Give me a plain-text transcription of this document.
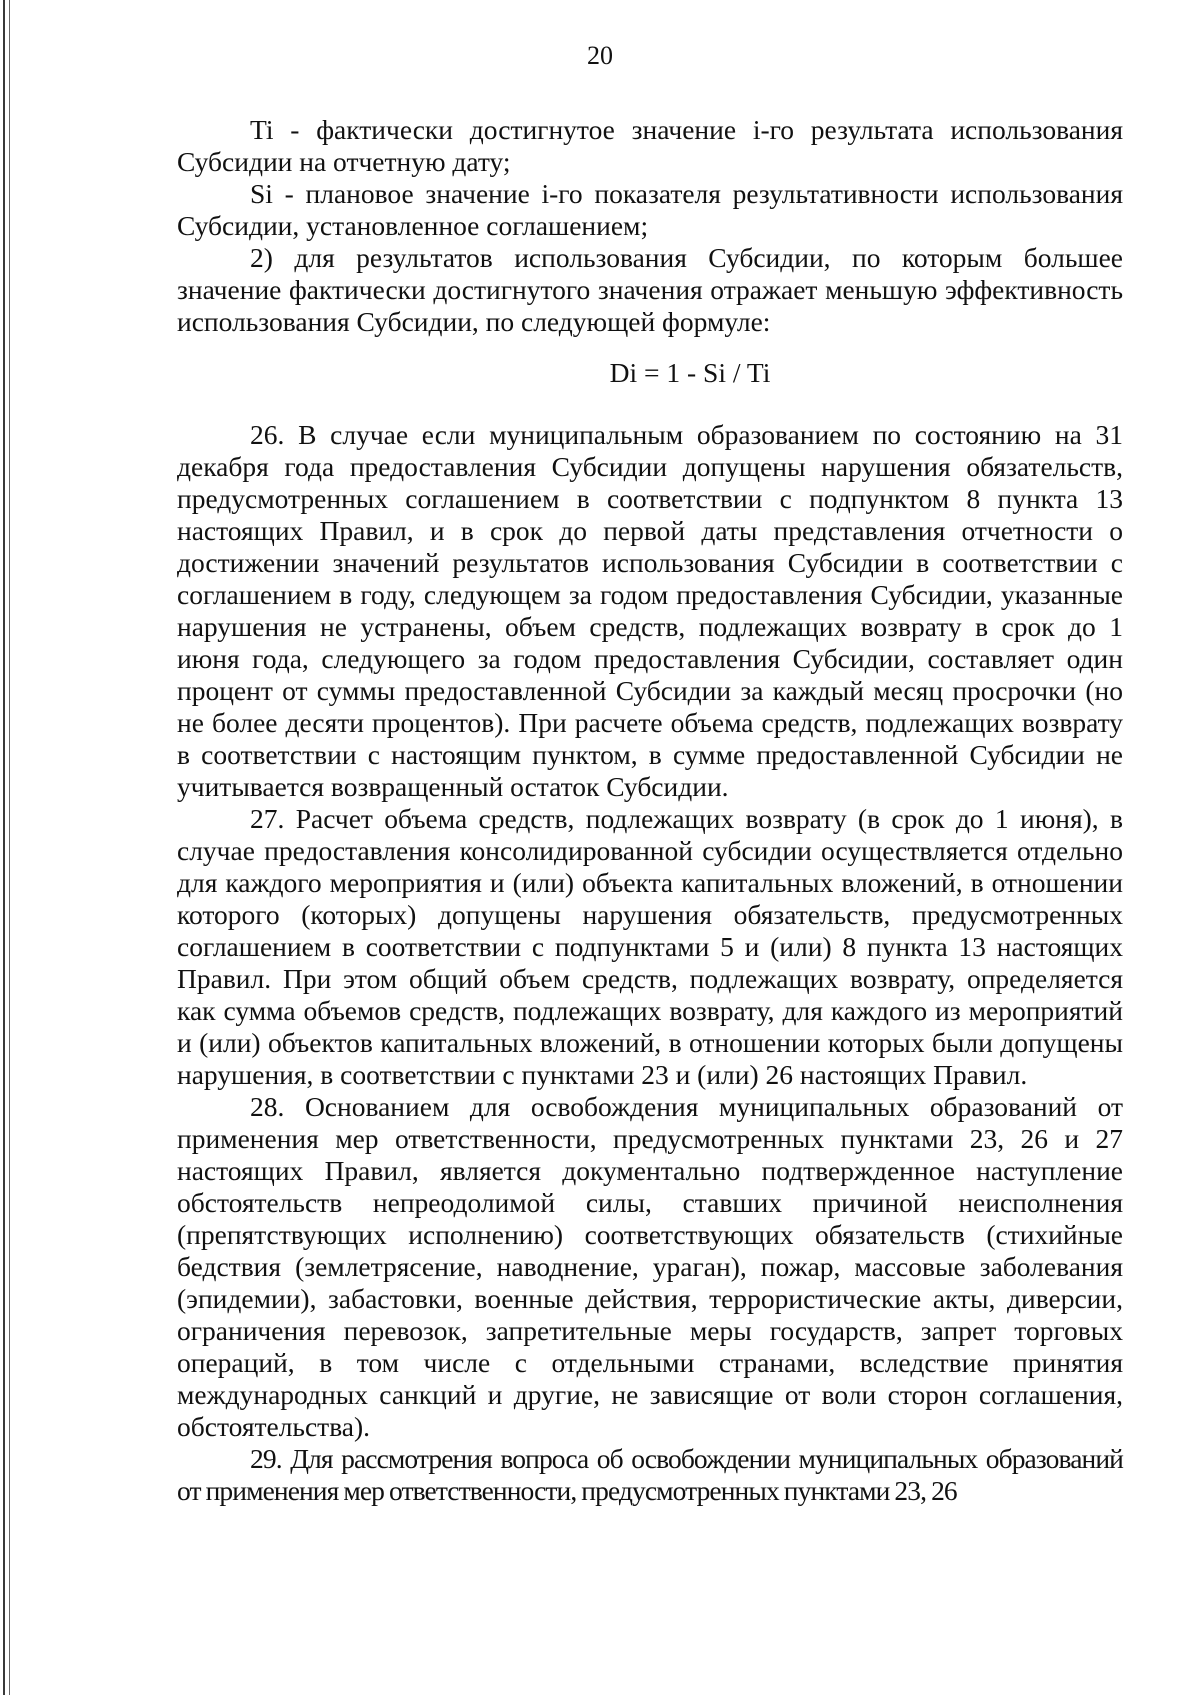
20

Ti - фактически достигнутое значение i-го результата использования Субсидии на отчетную дату;

Si - плановое значение i-го показателя результативности использования Субсидии, установленное соглашением;

2) для результатов использования Субсидии, по которым большее значение фактически достигнутого значения отражает меньшую эффективность использования Субсидии, по следующей формуле:

Di = 1 - Si / Ti

26. В случае если муниципальным образованием по состоянию на 31 декабря года предоставления Субсидии допущены нарушения обязательств, предусмотренных соглашением в соответствии с подпунктом 8 пункта 13 настоящих Правил, и в срок до первой даты представления отчетности о достижении значений результатов использования Субсидии в соответствии с соглашением в году, следующем за годом предоставления Субсидии, указанные нарушения не устранены, объем средств, подлежащих возврату в срок до 1 июня года, следующего за годом предоставления Субсидии, составляет один процент от суммы предоставленной Субсидии за каждый месяц просрочки (но не более десяти процентов). При расчете объема средств, подлежащих возврату в соответствии с настоящим пунктом, в сумме предоставленной Субсидии не учитывается возвращенный остаток Субсидии.

27. Расчет объема средств, подлежащих возврату (в срок до 1 июня), в случае предоставления консолидированной субсидии осуществляется отдельно для каждого мероприятия и (или) объекта капитальных вложений, в отношении которого (которых) допущены нарушения обязательств, предусмотренных соглашением в соответствии с подпунктами 5 и (или) 8 пункта 13 настоящих Правил. При этом общий объем средств, подлежащих возврату, определяется как сумма объемов средств, подлежащих возврату, для каждого из мероприятий и (или) объектов капитальных вложений, в отношении которых были допущены нарушения, в соответствии с пунктами 23 и (или) 26 настоящих Правил.

28. Основанием для освобождения муниципальных образований от применения мер ответственности, предусмотренных пунктами 23, 26 и 27 настоящих Правил, является документально подтвержденное наступление обстоятельств непреодолимой силы, ставших причиной неисполнения (препятствующих исполнению) соответствующих обязательств (стихийные бедствия (землетрясение, наводнение, ураган), пожар, массовые заболевания (эпидемии), забастовки, военные действия, террористические акты, диверсии, ограничения перевозок, запретительные меры государств, запрет торговых операций, в том числе с отдельными странами, вследствие принятия международных санкций и другие, не зависящие от воли сторон соглашения, обстоятельства).

29. Для рассмотрения вопроса об освобождении муниципальных образований от применения мер ответственности, предусмотренных пунктами 23, 26
